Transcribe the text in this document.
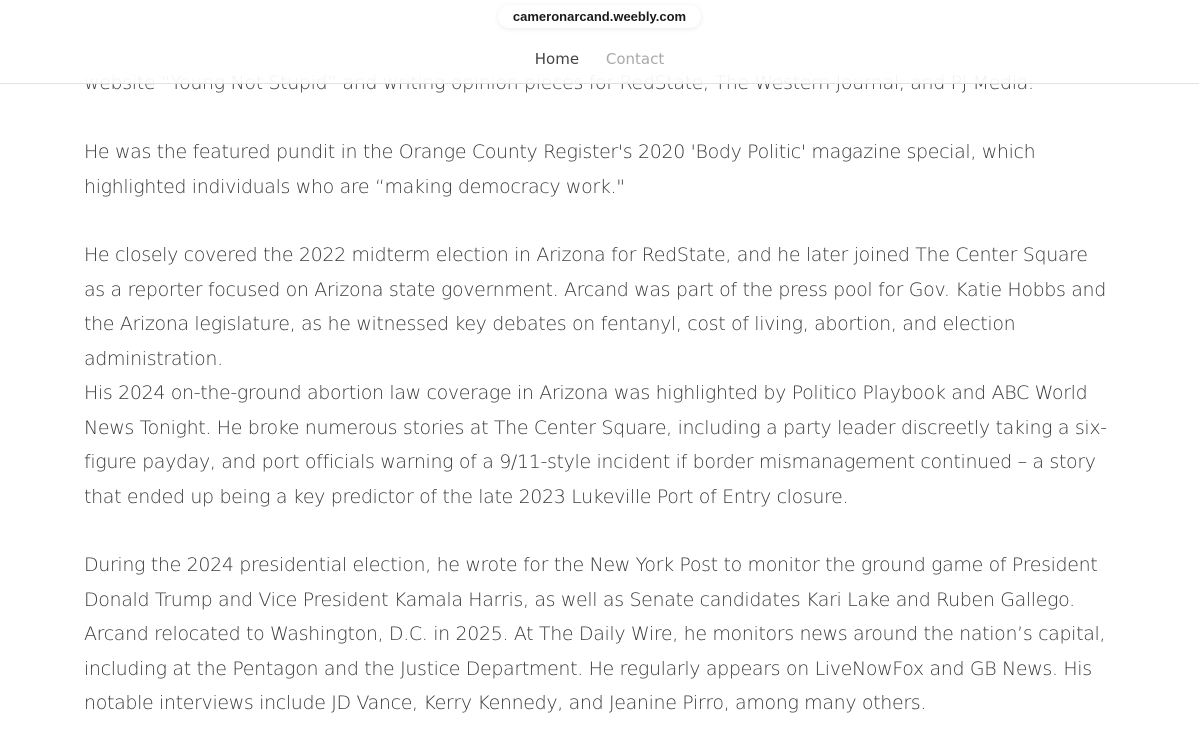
He was the featured pundit in the Orange County Register's 2020 'Body Politic' magazine special, which highlighted individuals who are “making democracy work."

He closely covered the 2022 midterm election in Arizona for RedState, and he later joined The Center Square as a reporter focused on Arizona state government. Arcand was part of the press pool for Gov. Katie Hobbs and the Arizona legislature, as he witnessed key debates on fentanyl, cost of living, abortion, and election administration.

His 2024 on-the-ground abortion law coverage in Arizona was highlighted by Politico Playbook and ABC World News Tonight. He broke numerous stories at The Center Square, including a party leader discreetly taking a six-figure payday, and port officials warning of a 9/11-style incident if border mismanagement continued – a story that ended up being a key predictor of the late 2023 Lukeville Port of Entry closure.

During the 2024 presidential election, he wrote for the New York Post to monitor the ground game of President Donald Trump and Vice President Kamala Harris, as well as Senate candidates Kari Lake and Ruben Gallego. Arcand relocated to Washington, D.C. in 2025. At The Daily Wire, he monitors news around the nation’s capital, including at the Pentagon and the Justice Department. He regularly appears on LiveNowFox and GB News. His notable interviews include JD Vance, Kerry Kennedy, and Jeanine Pirro, among many others.

cameronarcand.weebly.com
Home Contact
